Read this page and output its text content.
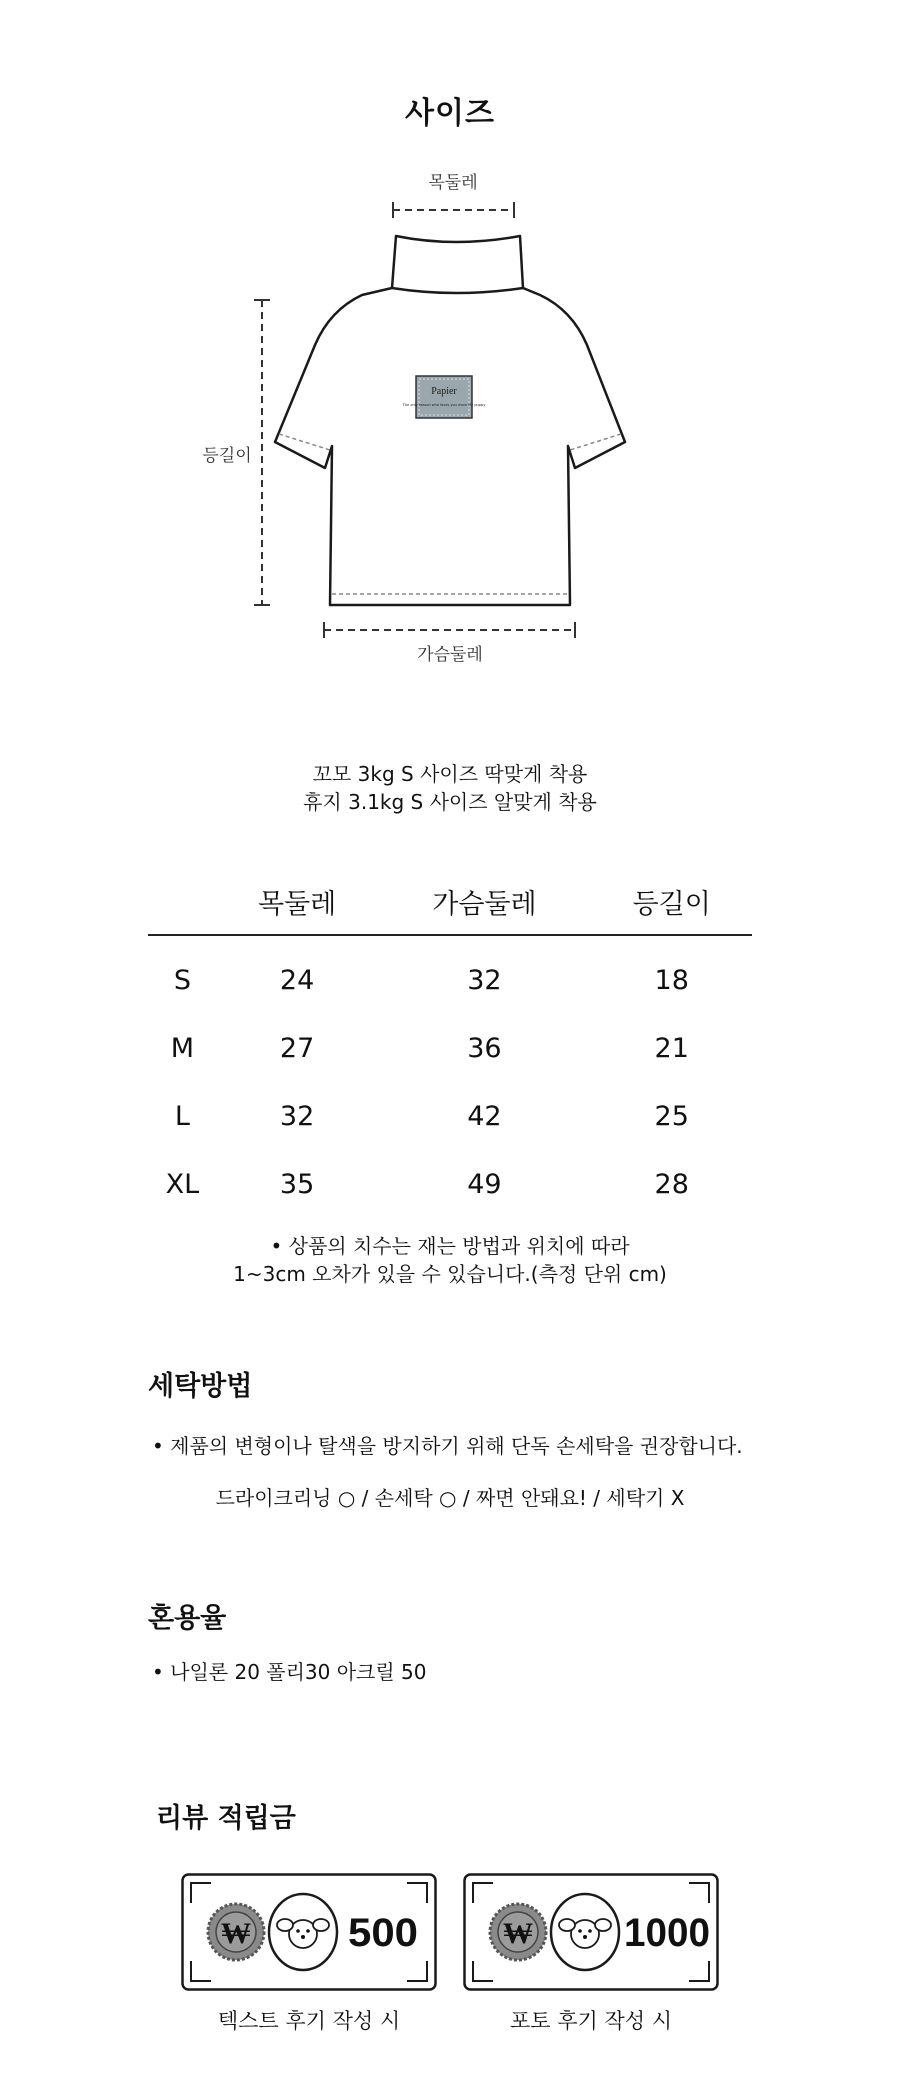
사이즈
목둘레
등길이
가슴둘레
Papier
The only reason who loves you more My puppy
꼬모 3kg S 사이즈 딱맞게 착용
휴지 3.1kg S 사이즈 알맞게 착용
	목둘레	가슴둘레	등길이
S	24	32	18
M	27	36	21
L	32	42	25
XL	35	49	28
• 상품의 치수는 재는 방법과 위치에 따라
1~3cm 오차가 있을 수 있습니다.(측정 단위 cm)
세탁방법
• 제품의 변형이나 탈색을 방지하기 위해 단독 손세탁을 권장합니다.
드라이크리닝 ○ / 손세탁 ○ / 짜면 안돼요! / 세탁기 X
혼용율
• 나일론 20 폴리30 아크릴 50
리뷰 적립금
₩ 500
텍스트 후기 작성 시
₩ 1000
포토 후기 작성 시
